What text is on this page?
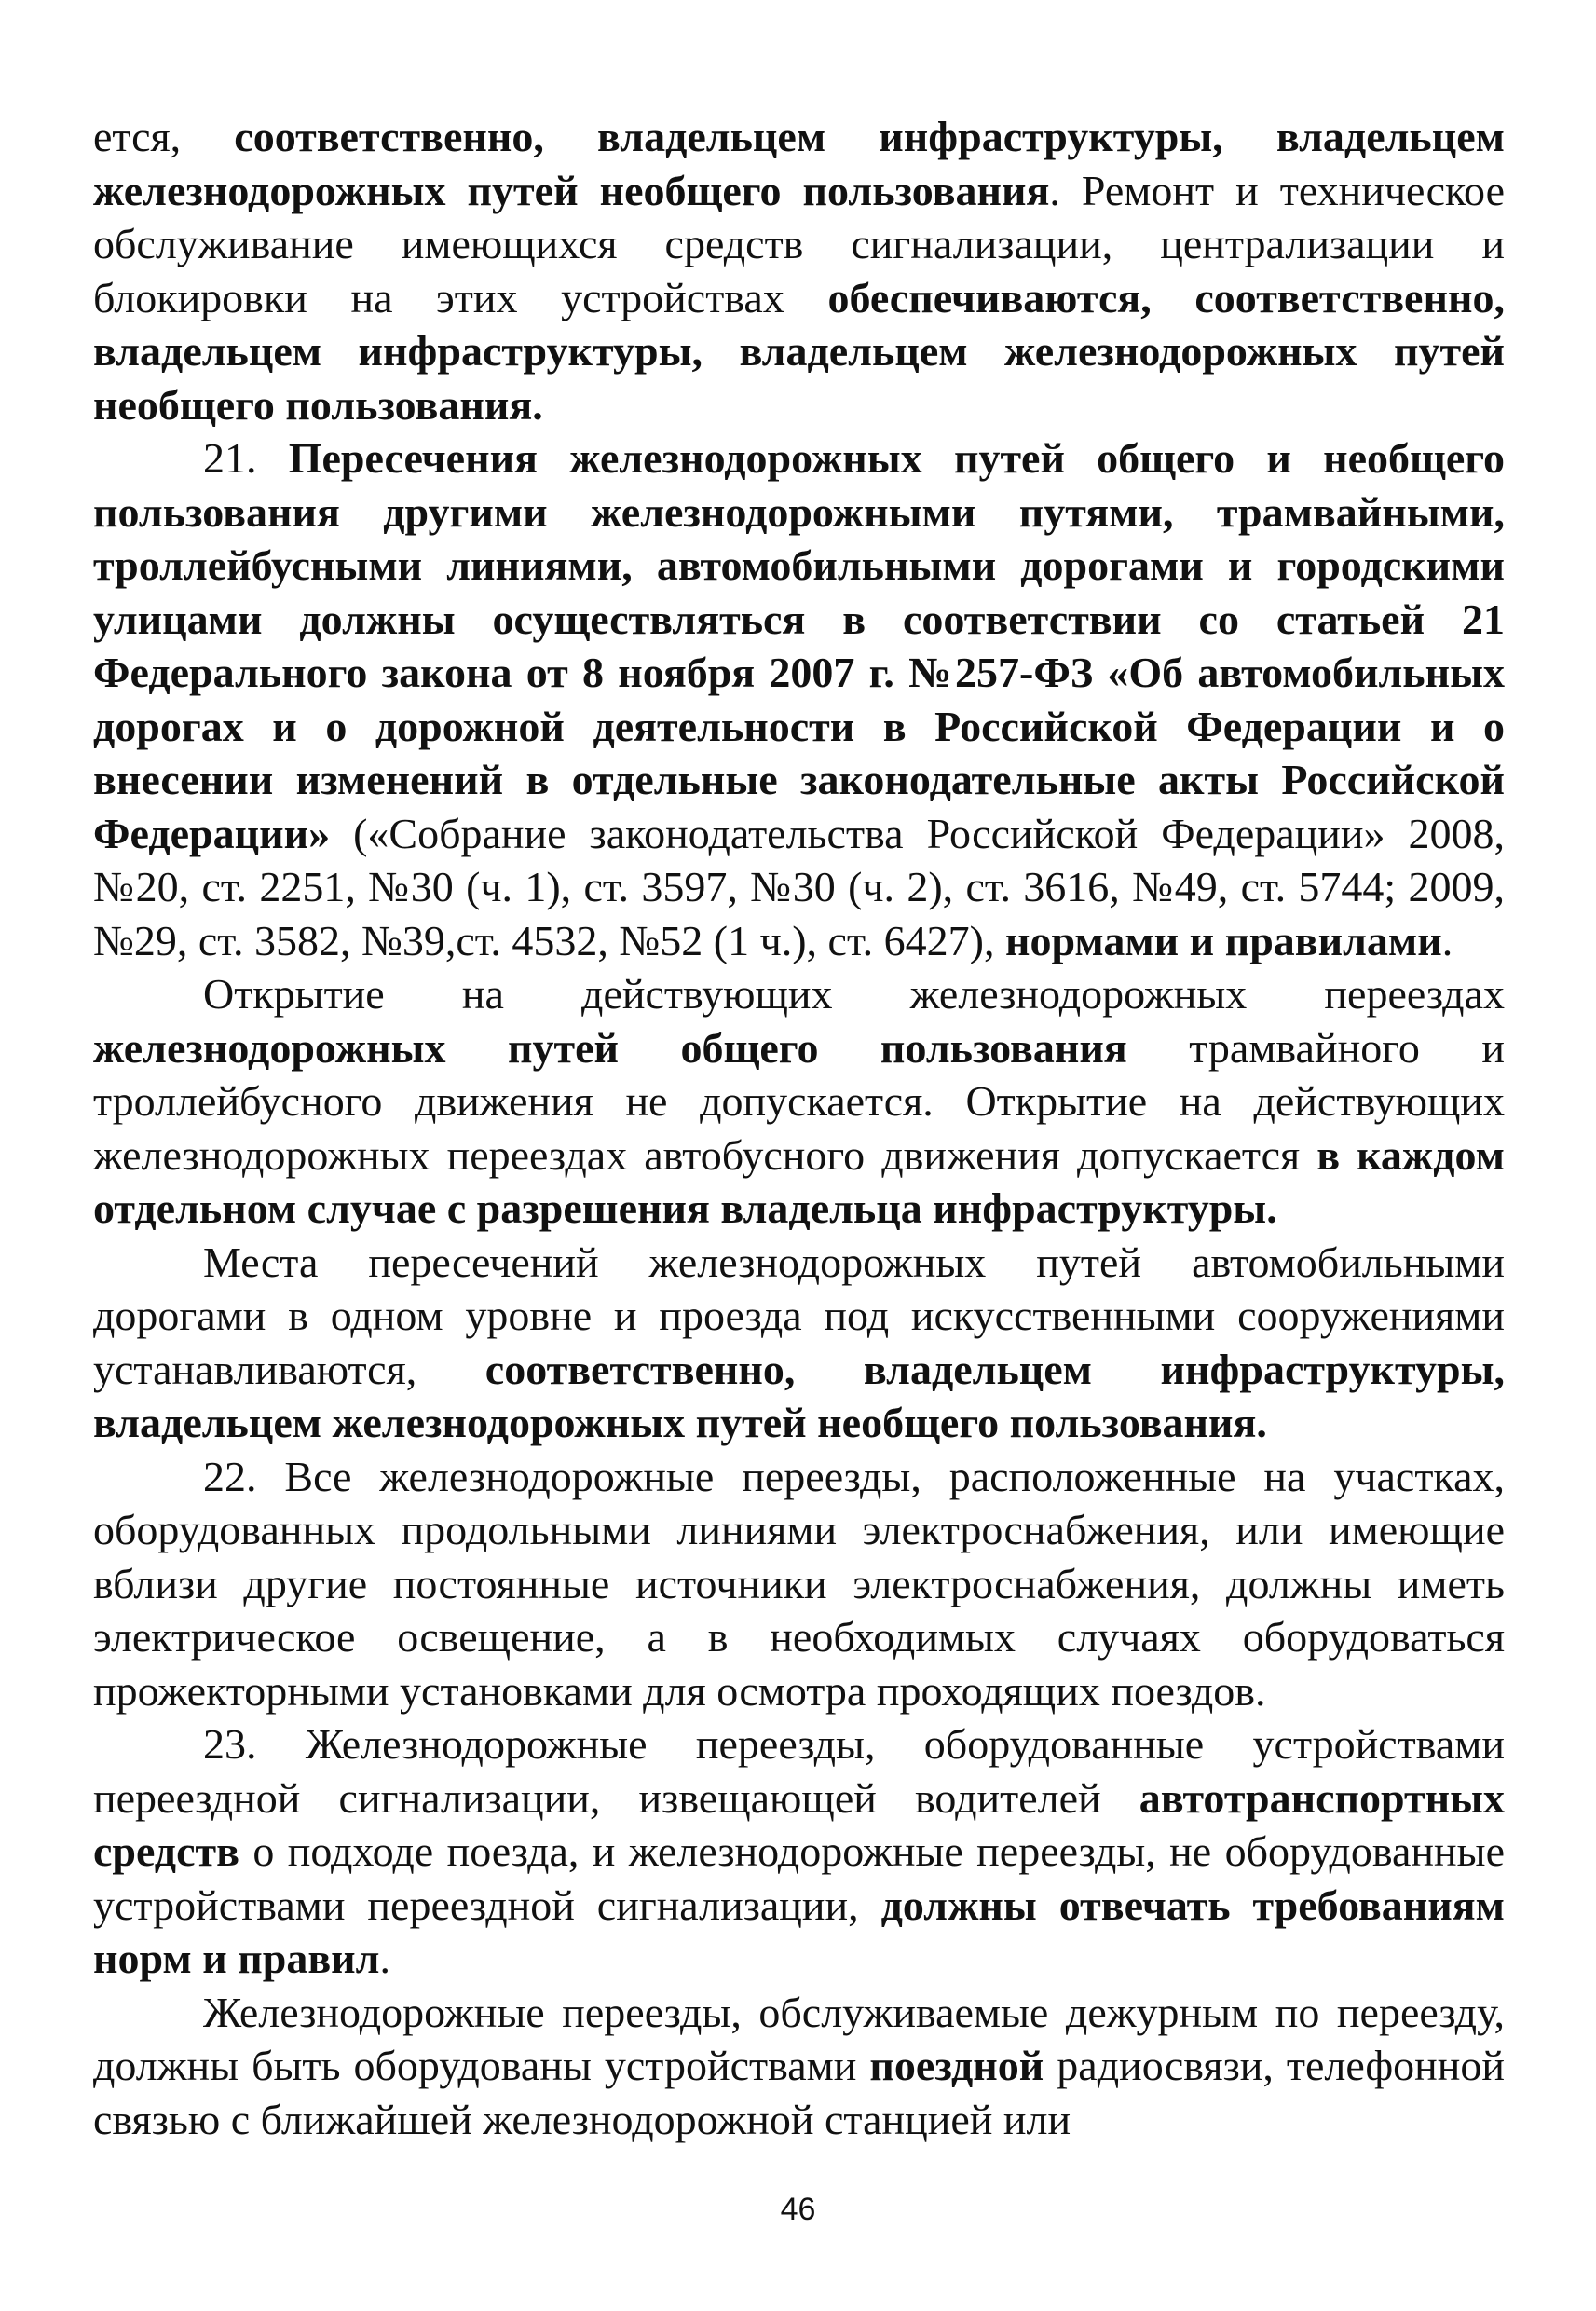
ется, соответственно, владельцем инфраструктуры, владельцем железнодорожных путей необщего пользования. Ремонт и техническое обслуживание имеющихся средств сигнализации, централизации и блокировки на этих устройствах обеспечиваются, соответственно, владельцем инфраструктуры, владельцем железнодорожных путей необщего пользования.

21. Пересечения железнодорожных путей общего и необщего пользования другими железнодорожными путями, трамвайными, троллейбусными линиями, автомобильными дорогами и городскими улицами должны осуществляться в соответствии со статьей 21 Федерального закона от 8 ноября 2007 г. №257-ФЗ «Об автомобильных дорогах и о дорожной деятельности в Российской Федерации и о внесении изменений в отдельные законодательные акты Российской Федерации» («Собрание законодательства Российской Федерации» 2008, №20, ст. 2251, №30 (ч. 1), ст. 3597, №30 (ч. 2), ст. 3616, №49, ст. 5744; 2009, №29, ст. 3582, №39,ст. 4532, №52 (1 ч.), ст. 6427), нормами и правилами.

Открытие на действующих железнодорожных переездах железнодорожных путей общего пользования трамвайного и троллейбусного движения не допускается. Открытие на действующих железнодорожных переездах автобусного движения допускается в каждом отдельном случае с разрешения владельца инфраструктуры.

Места пересечений железнодорожных путей автомобильными дорогами в одном уровне и проезда под искусственными сооружениями устанавливаются, соответственно, владельцем инфраструктуры, владельцем железнодорожных путей необщего пользования.

22. Все железнодорожные переезды, расположенные на участках, оборудованных продольными линиями электроснабжения, или имеющие вблизи другие постоянные источники электроснабжения, должны иметь электрическое освещение, а в необходимых случаях оборудоваться прожекторными установками для осмотра проходящих поездов.

23. Железнодорожные переезды, оборудованные устройствами переездной сигнализации, извещающей водителей автотранспортных средств о подходе поезда, и железнодорожные переезды, не оборудованные устройствами переездной сигнализации, должны отвечать требованиям норм и правил.

Железнодорожные переезды, обслуживаемые дежурным по переезду, должны быть оборудованы устройствами поездной радиосвязи, телефонной связью с ближайшей железнодорожной станцией или

46
